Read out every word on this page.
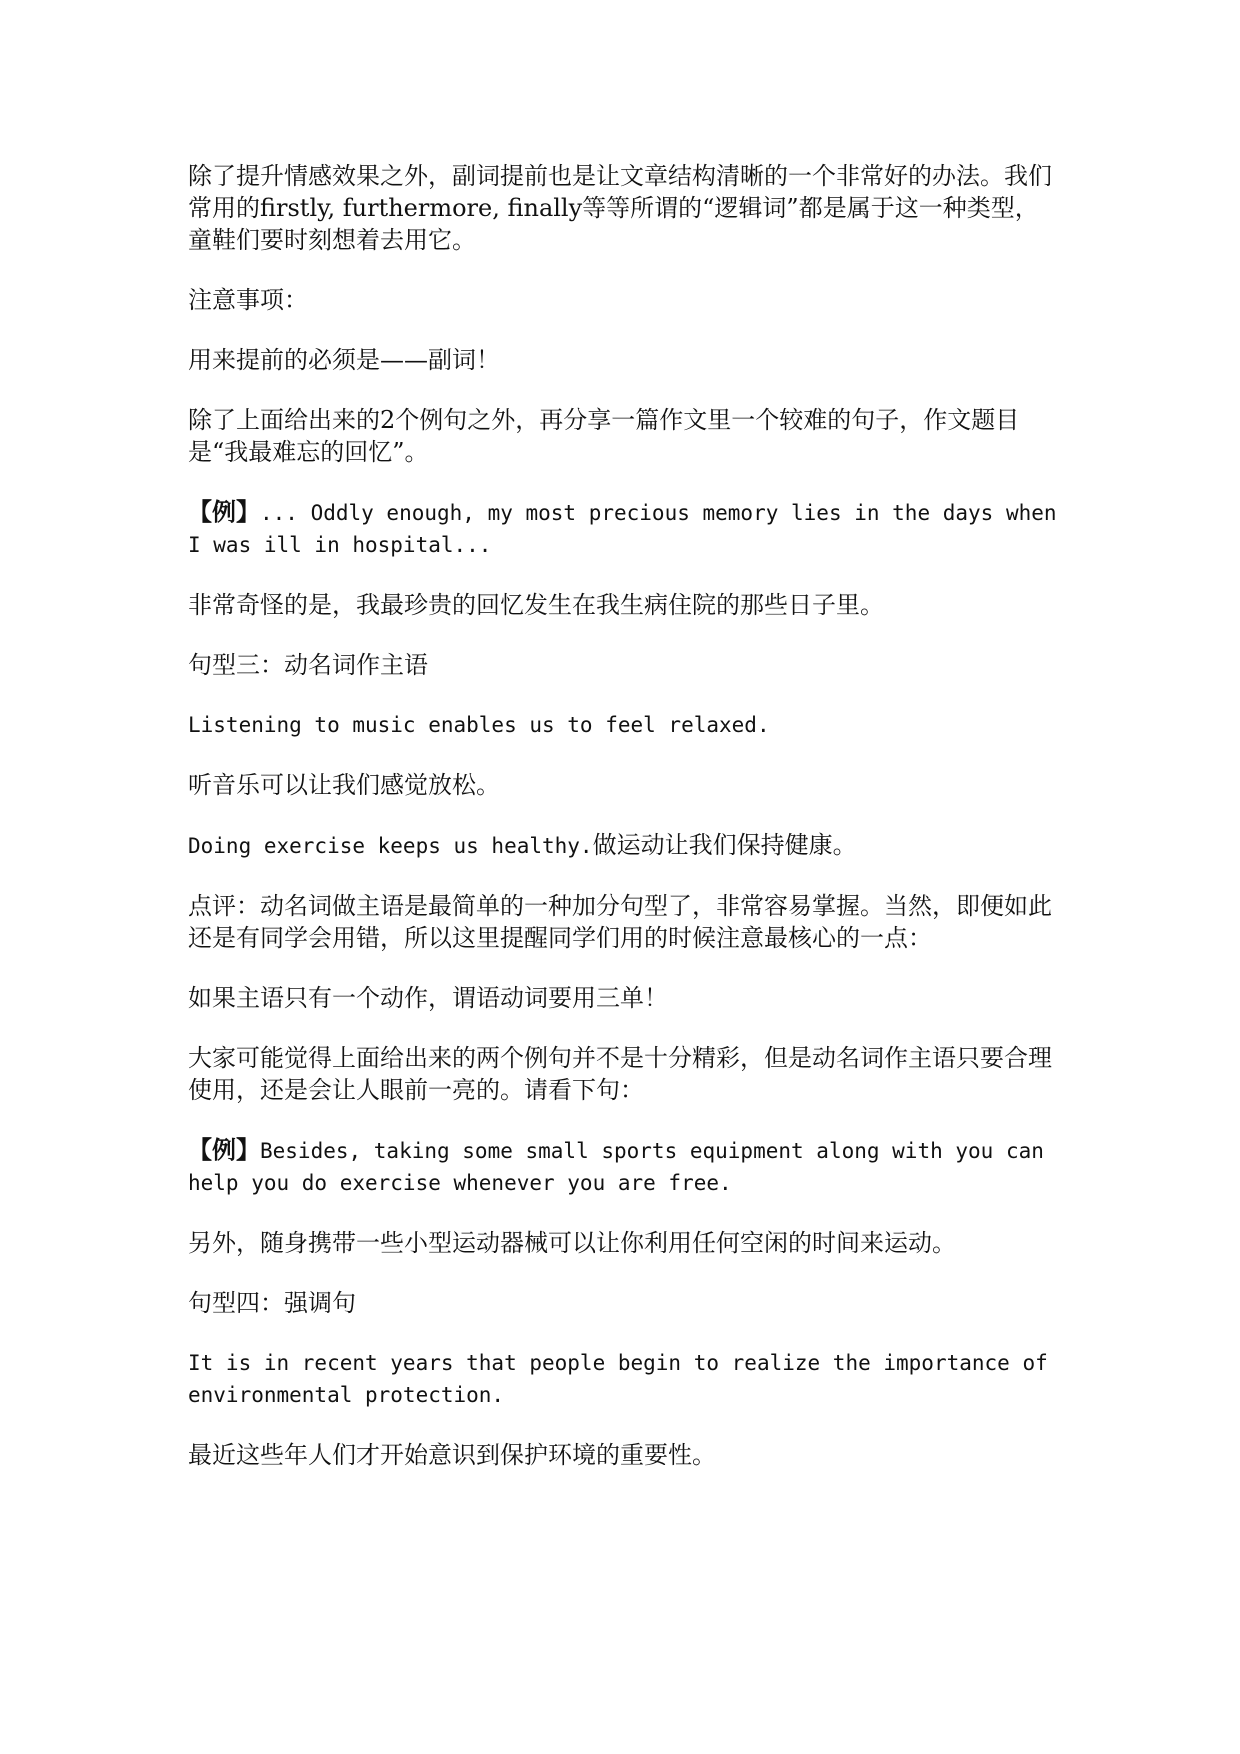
除了提升情感效果之外，副词提前也是让文章结构清晰的一个非常好的办法。我们常用的firstly, furthermore, finally等等所谓的“逻辑词”都是属于这一种类型，童鞋们要时刻想着去用它。

注意事项：

用来提前的必须是——副词！

除了上面给出来的2个例句之外，再分享一篇作文里一个较难的句子，作文题目是“我最难忘的回忆”。

【例】... Oddly enough, my most precious memory lies in the days when I was ill in hospital...

非常奇怪的是，我最珍贵的回忆发生在我生病住院的那些日子里。

句型三：动名词作主语

Listening to music enables us to feel relaxed.

听音乐可以让我们感觉放松。

Doing exercise keeps us healthy.做运动让我们保持健康。

点评：动名词做主语是最简单的一种加分句型了，非常容易掌握。当然，即便如此还是有同学会用错，所以这里提醒同学们用的时候注意最核心的一点：

如果主语只有一个动作，谓语动词要用三单！

大家可能觉得上面给出来的两个例句并不是十分精彩，但是动名词作主语只要合理使用，还是会让人眼前一亮的。请看下句：

【例】Besides, taking some small sports equipment along with you can help you do exercise whenever you are free.

另外，随身携带一些小型运动器械可以让你利用任何空闲的时间来运动。

句型四：强调句

It is in recent years that people begin to realize the importance of environmental protection.

最近这些年人们才开始意识到保护环境的重要性。
